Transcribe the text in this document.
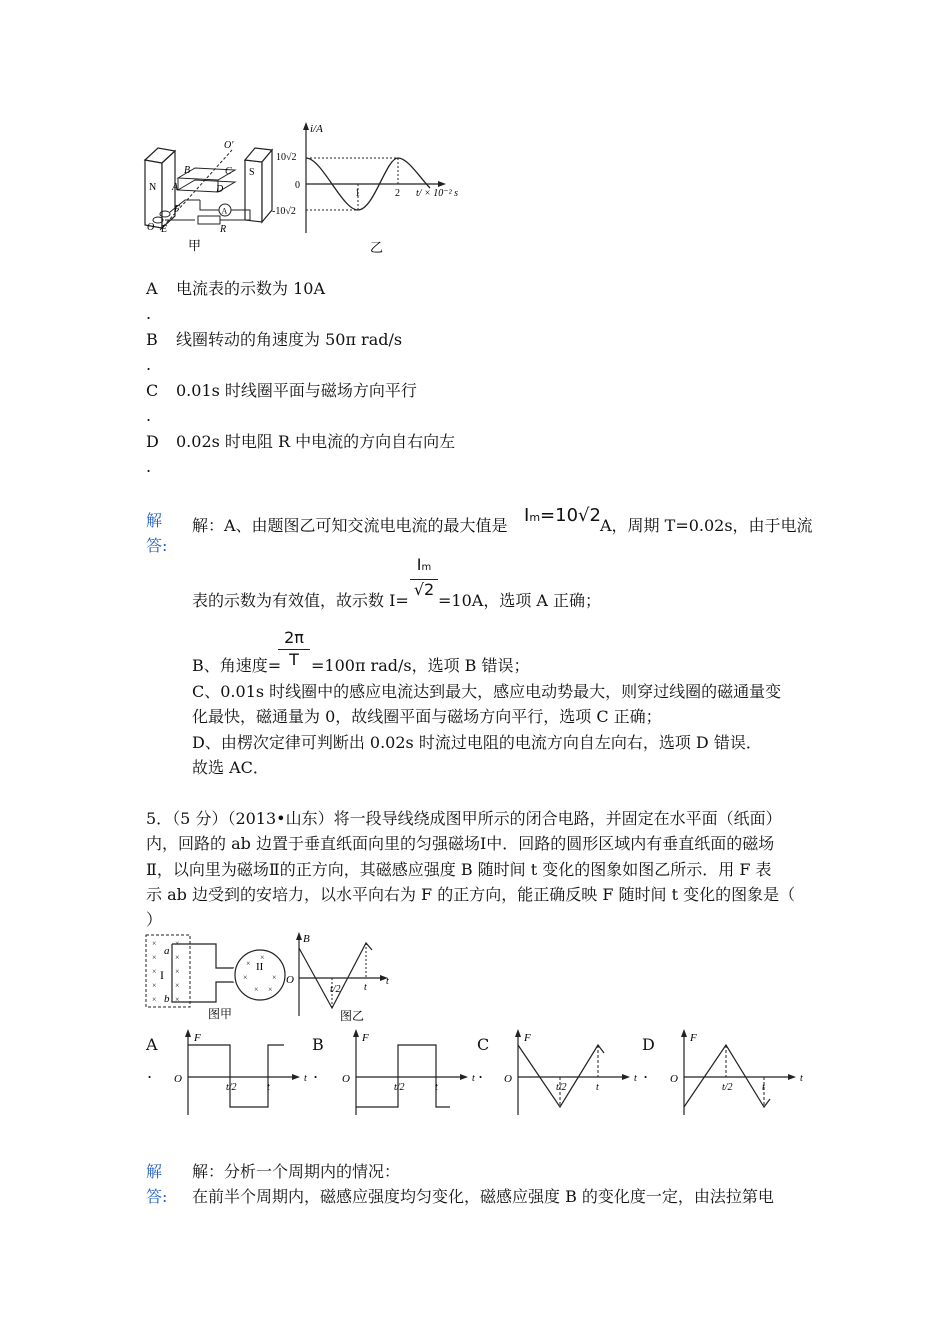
N
S
A
B	C
A	D
F
E
O
O'
R
甲
i/A
10√2
0
-10√2
1	2 t/ × 10⁻² s
乙
A 电流表的示数为 10A
.
B 线圈转动的角速度为 50π rad/s
.
C 0.01s 时线圈平面与磁场方向平行
.
D 0.02s 时电阻 R 中电流的方向自右向左
.
解
答:
解：A、由题图乙可知交流电电流的最大值是 Im=10√2 A，周期 T=0.02s，由于电流
表的示数为有效值，故示数 I=
Im
√2
=10A，选项 A 正确；
$\frac{2\pi}{T}$
B、角速度= =100π rad/s，选项 B 错误；
C、0.01s 时线圈中的感应电流达到最大，感应电动势最大，则穿过线圈的磁通量变
化最快，磁通量为 0，故线圈平面与磁场方向平行，选项 C 正确；
D、由楞次定律可判断出 0.02s 时流过电阻的电流方向自左向右，选项 D 错误．
故选 AC．
5．（5 分）（2013•山东）将一段导线绕成图甲所示的闭合电路，并固定在水平面（纸面）
内，回路的 ab 边置于垂直纸面向里的匀强磁场Ⅰ中．回路的圆形区域内有垂直纸面的磁场
Ⅱ，以向里为磁场Ⅱ的正方向，其磁感应强度 B 随时间 t 变化的图象如图乙所示．用 F 表
示 ab 边受到的安培力，以水平向右为 F 的正方向，能正确反映 F 随时间 t 变化的图象是（
）
× ×
× ×
× ×
× ×
× ×
×
×
×	×
× ×
a
b
I
II
图甲
B
O
t/2 t
t
图乙
A
.
F
O
t/2	t
t
B
.
F
O
t/2	t
t
C
.
F
O
t/2	t
t
D
.
F
O
t/2	t
t
解
答:
解：分析一个周期内的情况：
在前半个周期内，磁感应强度均匀变化，磁感应强度 B 的变化度一定，由法拉第电
